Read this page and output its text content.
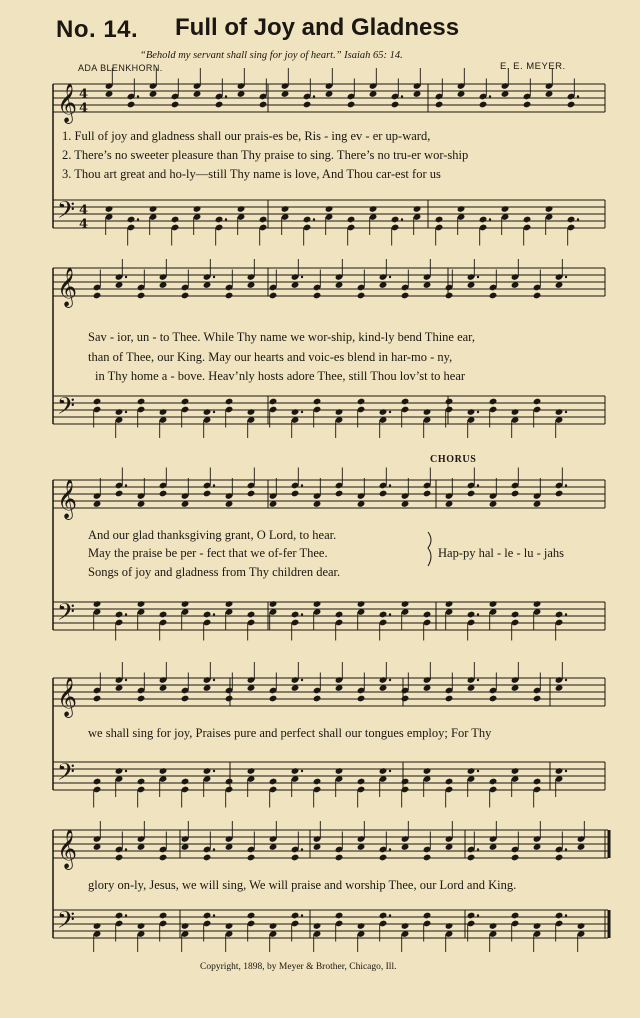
No. 14. Full of Joy and Gladness
“Behold my servant shall sing for joy of heart.” Isaiah 65: 14.
ADA BLENKHORN.	E. E. MEYER.
𝄞 4
4
𝄢 4
4
𝄞
𝄢
𝄞
𝄢
𝄞
𝄢
𝄞
𝄢
1. Full of joy and gladness shall our prais-es be, Ris - ing ev - er up-ward,
2. There’s no sweeter pleasure than Thy praise to sing. There’s no tru-er wor-ship
3. Thou art great and ho-ly—still Thy name is love, And Thou car-est for us
Sav - ior, un - to Thee. While Thy name we wor-ship, kind-ly bend Thine ear,
than of Thee, our King. May our hearts and voic-es blend in har-mo - ny,
in Thy home a - bove. Heav’nly hosts adore Thee, still Thou lov’st to hear
CHORUS
And our glad thanksgiving grant, O Lord, to hear.
May the praise be per - fect that we of-fer Thee.
Songs of joy and gladness from Thy children dear.
Hap-py hal - le - lu - jahs
we shall sing for joy, Praises pure and perfect shall our tongues employ; For Thy
glory on-ly, Jesus, we will sing, We will praise and worship Thee, our Lord and King.
Copyright, 1898, by Meyer & Brother, Chicago, Ill.
